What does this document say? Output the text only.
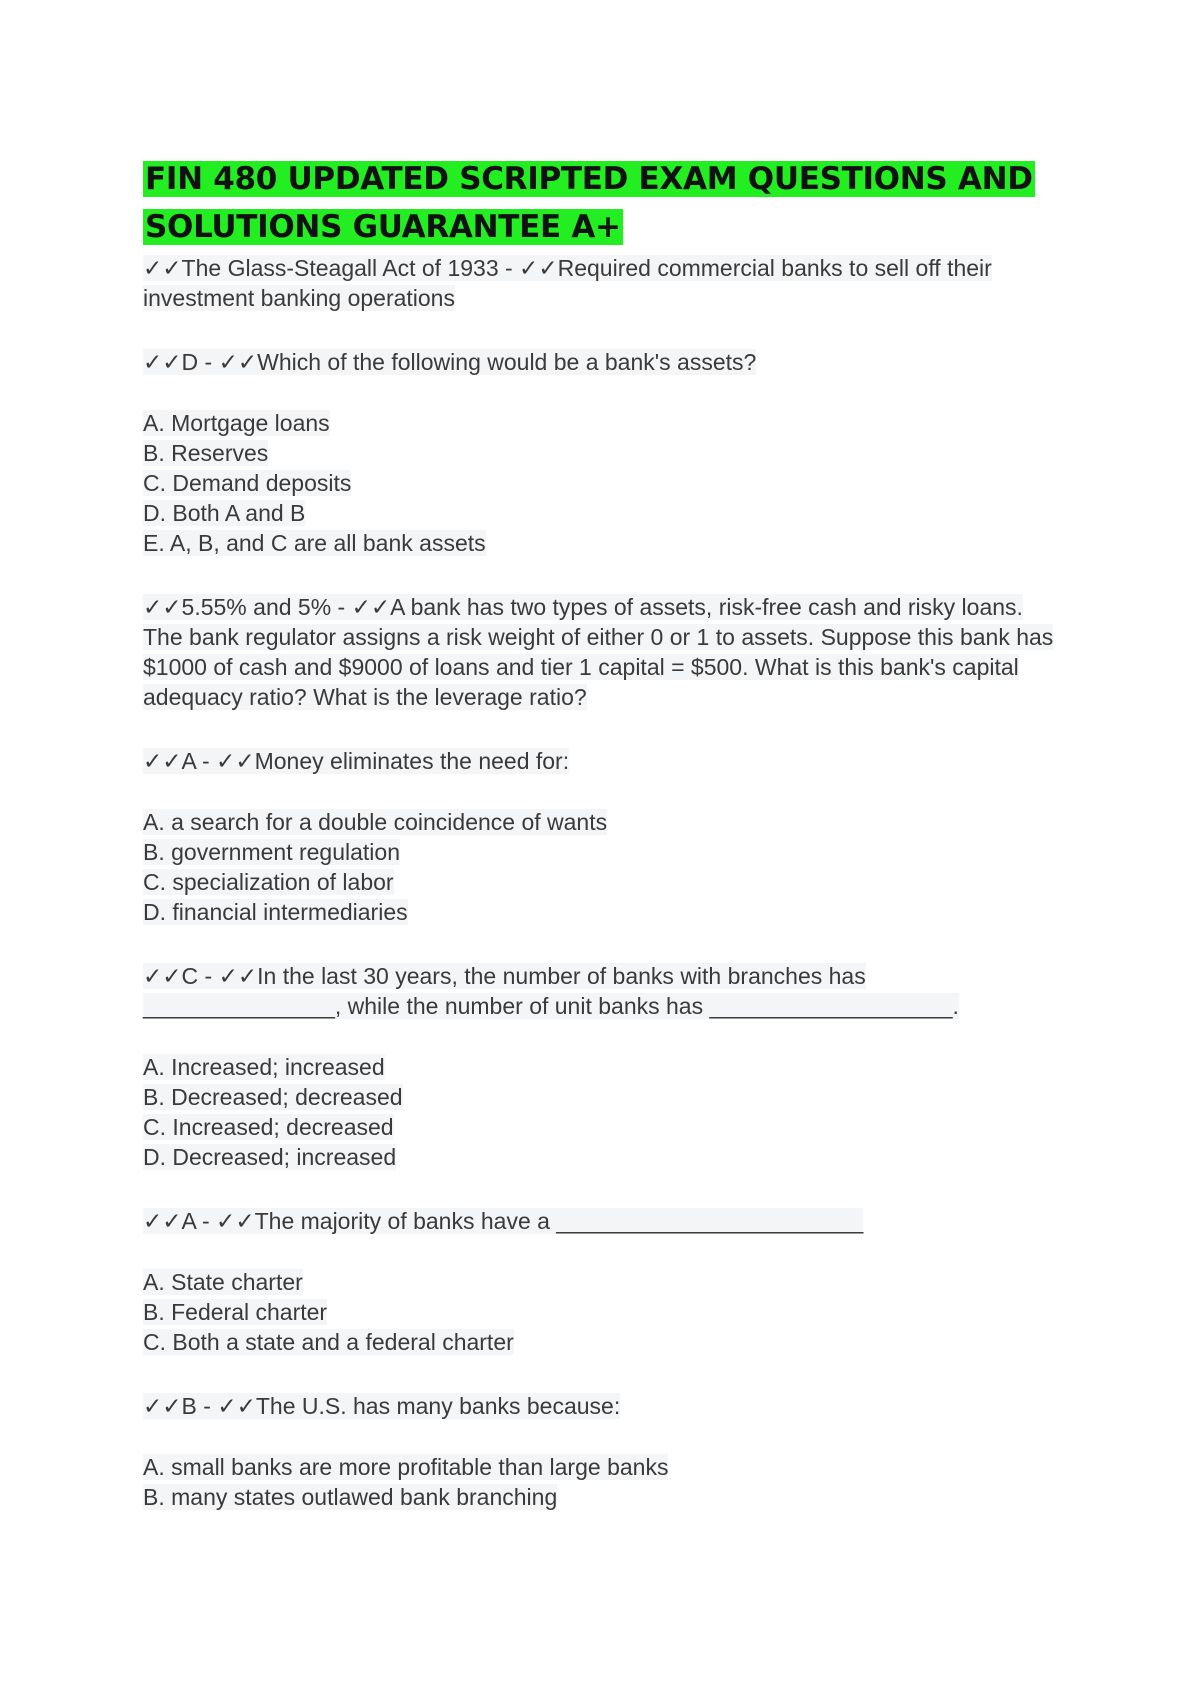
FIN 480 UPDATED SCRIPTED EXAM QUESTIONS AND
SOLUTIONS GUARANTEE A+
✓✓The Glass-Steagall Act of 1933 - ✓✓Required commercial banks to sell off their investment banking operations
✓✓D - ✓✓Which of the following would be a bank's assets?
A. Mortgage loans
B. Reserves
C. Demand deposits
D. Both A and B
E. A, B, and C are all bank assets
✓✓5.55% and 5% - ✓✓A bank has two types of assets, risk-free cash and risky loans. The bank regulator assigns a risk weight of either 0 or 1 to assets. Suppose this bank has $1000 of cash and $9000 of loans and tier 1 capital = $500. What is this bank's capital adequacy ratio? What is the leverage ratio?
✓✓A - ✓✓Money eliminates the need for:
A. a search for a double coincidence of wants
B. government regulation
C. specialization of labor
D. financial intermediaries
✓✓C - ✓✓In the last 30 years, the number of banks with branches has _______________, while the number of unit banks has ___________________.
A. Increased; increased
B. Decreased; decreased
C. Increased; decreased
D. Decreased; increased
✓✓A - ✓✓The majority of banks have a ________________________
A. State charter
B. Federal charter
C. Both a state and a federal charter
✓✓B - ✓✓The U.S. has many banks because:
A. small banks are more profitable than large banks
B. many states outlawed bank branching
